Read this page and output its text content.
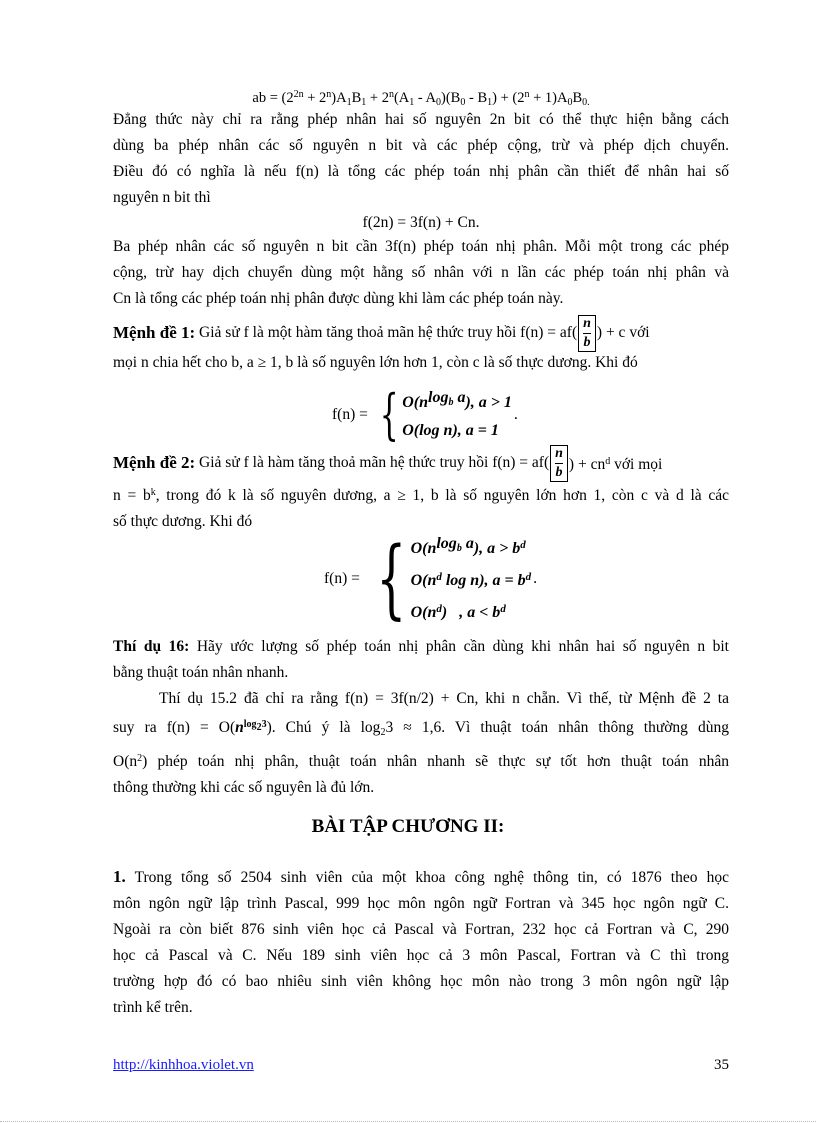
ab = $(2^{2n} + 2^n)A_1B_1 + 2^n(A_1 - A_0)(B_0 - B_1) + (2^n + 1)A_0B_{0.}$
Đẳng thức này chỉ ra rằng phép nhân hai số nguyên 2n bit có thể thực hiện bằng cách
dùng ba phép nhân các số nguyên n bit và các phép cộng, trừ và phép dịch chuyển.
Điều đó có nghĩa là nếu f(n) là tổng các phép toán nhị phân cần thiết để nhân hai số
nguyên n bit thì
f(2n) = 3f(n) + Cn.
Ba phép nhân các số nguyên n bit cần 3f(n) phép toán nhị phân. Mỗi một trong các phép
cộng, trừ hay dịch chuyển dùng một hằng số nhân với n lần các phép toán nhị phân và
Cn là tổng các phép toán nhị phân được dùng khi làm các phép toán này.
Mệnh đề 1: Giả sử f là một hàm tăng thoả mãn hệ thức truy hồi $f(n) = af( \frac{n}{b}$ ) + c với
mọi n chia hết cho b, a ≥ 1, b là số nguyên lớn hơn 1, còn c là số thực dương. Khi đó
f(n) = { $O(n^{log_b a})$, a > 1
O(log n), a = 1
.
Mệnh đề 2: Giả sử f là hàm tăng thoả mãn hệ thức truy hồi $f(n) = af( \frac{n}{b}$ ) + $cn^d$ với mọi
$n = b^k$, trong đó k là số nguyên dương, a ≥ 1, b là số nguyên lớn hơn 1, còn c và d là các
số thực dương. Khi đó
f(n) = { $O(n^{log_b a})$, $a > b^d$
$O(n^d$ log n), $a = b^d$
$O(n^d)$   , $a < b^d$
.
Thí dụ 16: Hãy ước lượng số phép toán nhị phân cần dùng khi nhân hai số nguyên n bit
bằng thuật toán nhân nhanh.
Thí dụ 15.2 đã chỉ ra rằng f(n) = 3f(n/2) + Cn, khi n chẵn. Vì thế, từ Mệnh đề 2 ta
suy ra $f(n) = O(n^{log_23})$. Chú ý là $\log_23 \approx 1,6$. Vì thuật toán nhân thông thường dùng
$O(n^2)$ phép toán nhị phân, thuật toán nhân nhanh sẽ thực sự tốt hơn thuật toán nhân
thông thường khi các số nguyên là đủ lớn.
BÀI TẬP CHƯƠNG II:
1. Trong tổng số 2504 sinh viên của một khoa công nghệ thông tin, có 1876 theo học
môn ngôn ngữ lập trình Pascal, 999 học môn ngôn ngữ Fortran và 345 học ngôn ngữ C.
Ngoài ra còn biết 876 sinh viên học cả Pascal và Fortran, 232 học cả Fortran và C, 290
học cả Pascal và C. Nếu 189 sinh viên học cả 3 môn Pascal, Fortran và C thì trong
trường hợp đó có bao nhiêu sinh viên không học môn nào trong 3 môn ngôn ngữ lập
trình kể trên.
http://kinhhoa.violet.vn	35
